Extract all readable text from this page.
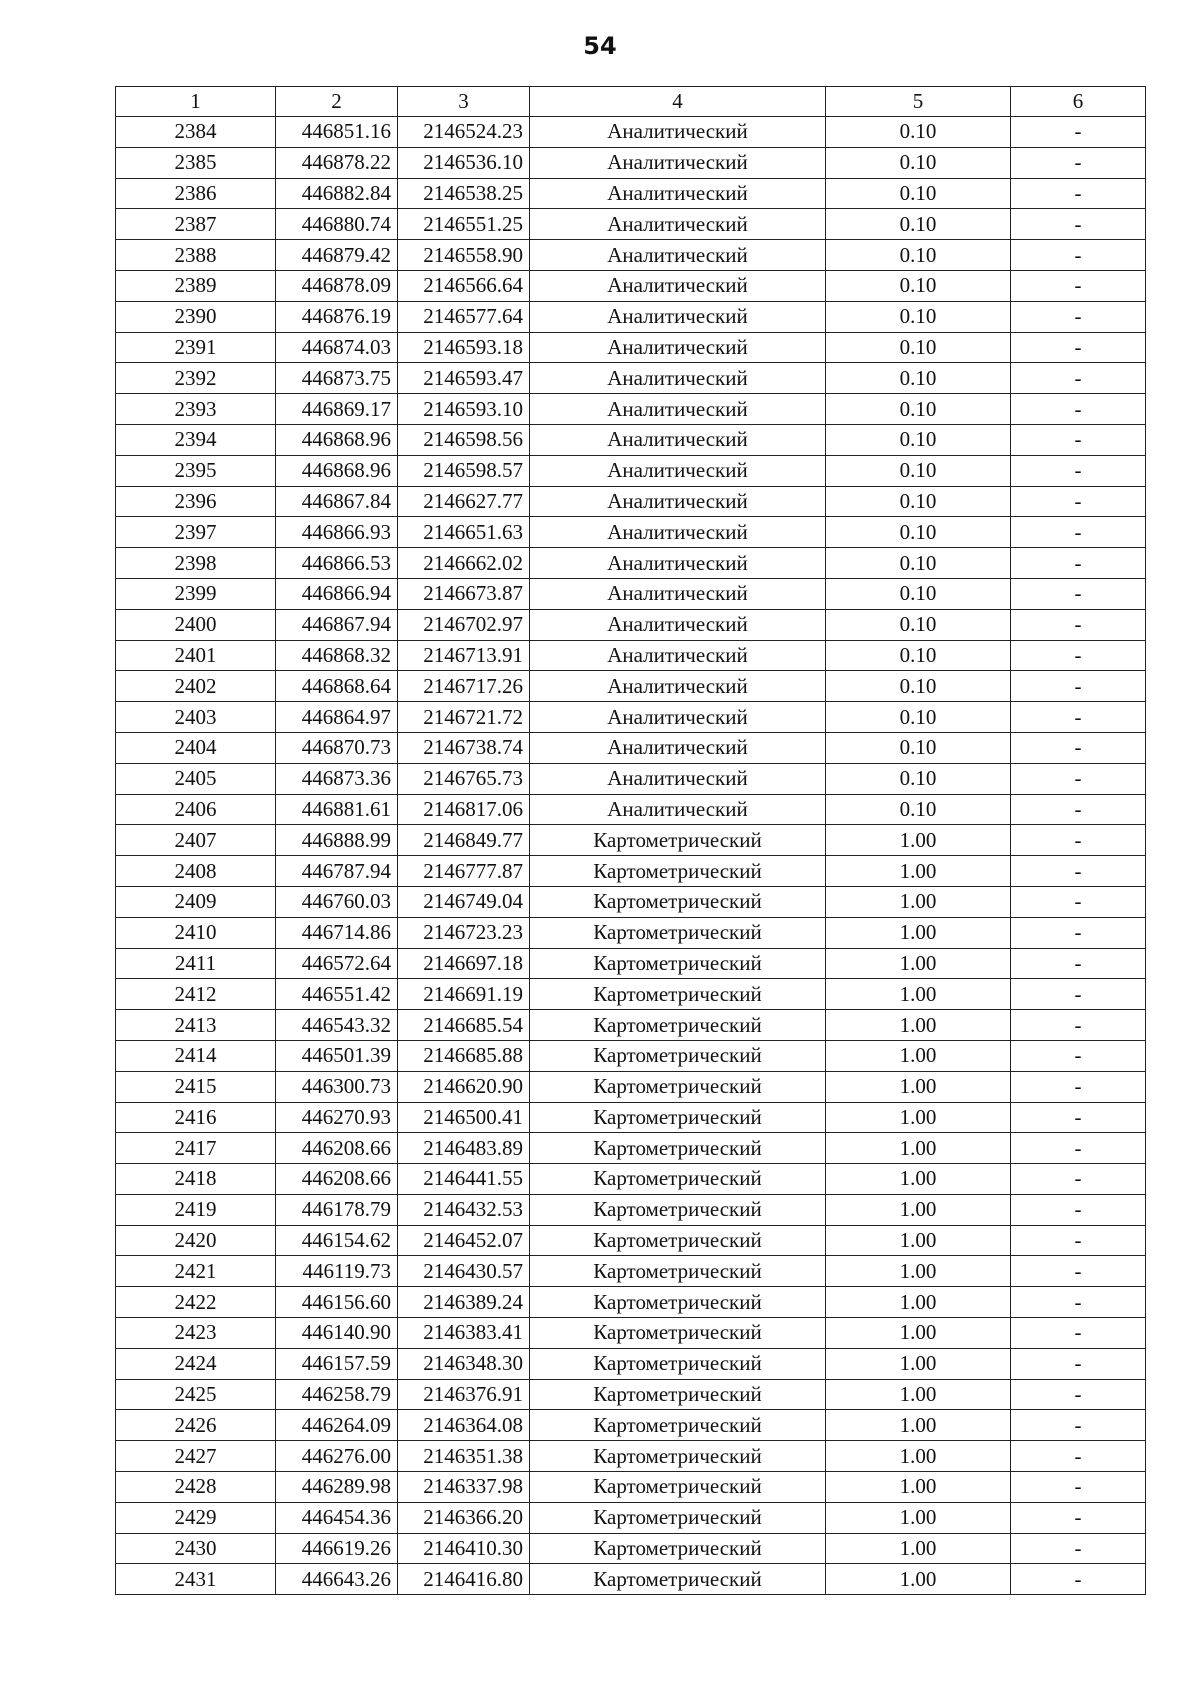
54
1	2	3	4	5	6
2384	446851.16	2146524.23	Аналитический	0.10	-
2385	446878.22	2146536.10	Аналитический	0.10	-
2386	446882.84	2146538.25	Аналитический	0.10	-
2387	446880.74	2146551.25	Аналитический	0.10	-
2388	446879.42	2146558.90	Аналитический	0.10	-
2389	446878.09	2146566.64	Аналитический	0.10	-
2390	446876.19	2146577.64	Аналитический	0.10	-
2391	446874.03	2146593.18	Аналитический	0.10	-
2392	446873.75	2146593.47	Аналитический	0.10	-
2393	446869.17	2146593.10	Аналитический	0.10	-
2394	446868.96	2146598.56	Аналитический	0.10	-
2395	446868.96	2146598.57	Аналитический	0.10	-
2396	446867.84	2146627.77	Аналитический	0.10	-
2397	446866.93	2146651.63	Аналитический	0.10	-
2398	446866.53	2146662.02	Аналитический	0.10	-
2399	446866.94	2146673.87	Аналитический	0.10	-
2400	446867.94	2146702.97	Аналитический	0.10	-
2401	446868.32	2146713.91	Аналитический	0.10	-
2402	446868.64	2146717.26	Аналитический	0.10	-
2403	446864.97	2146721.72	Аналитический	0.10	-
2404	446870.73	2146738.74	Аналитический	0.10	-
2405	446873.36	2146765.73	Аналитический	0.10	-
2406	446881.61	2146817.06	Аналитический	0.10	-
2407	446888.99	2146849.77	Картометрический	1.00	-
2408	446787.94	2146777.87	Картометрический	1.00	-
2409	446760.03	2146749.04	Картометрический	1.00	-
2410	446714.86	2146723.23	Картометрический	1.00	-
2411	446572.64	2146697.18	Картометрический	1.00	-
2412	446551.42	2146691.19	Картометрический	1.00	-
2413	446543.32	2146685.54	Картометрический	1.00	-
2414	446501.39	2146685.88	Картометрический	1.00	-
2415	446300.73	2146620.90	Картометрический	1.00	-
2416	446270.93	2146500.41	Картометрический	1.00	-
2417	446208.66	2146483.89	Картометрический	1.00	-
2418	446208.66	2146441.55	Картометрический	1.00	-
2419	446178.79	2146432.53	Картометрический	1.00	-
2420	446154.62	2146452.07	Картометрический	1.00	-
2421	446119.73	2146430.57	Картометрический	1.00	-
2422	446156.60	2146389.24	Картометрический	1.00	-
2423	446140.90	2146383.41	Картометрический	1.00	-
2424	446157.59	2146348.30	Картометрический	1.00	-
2425	446258.79	2146376.91	Картометрический	1.00	-
2426	446264.09	2146364.08	Картометрический	1.00	-
2427	446276.00	2146351.38	Картометрический	1.00	-
2428	446289.98	2146337.98	Картометрический	1.00	-
2429	446454.36	2146366.20	Картометрический	1.00	-
2430	446619.26	2146410.30	Картометрический	1.00	-
2431	446643.26	2146416.80	Картометрический	1.00	-
